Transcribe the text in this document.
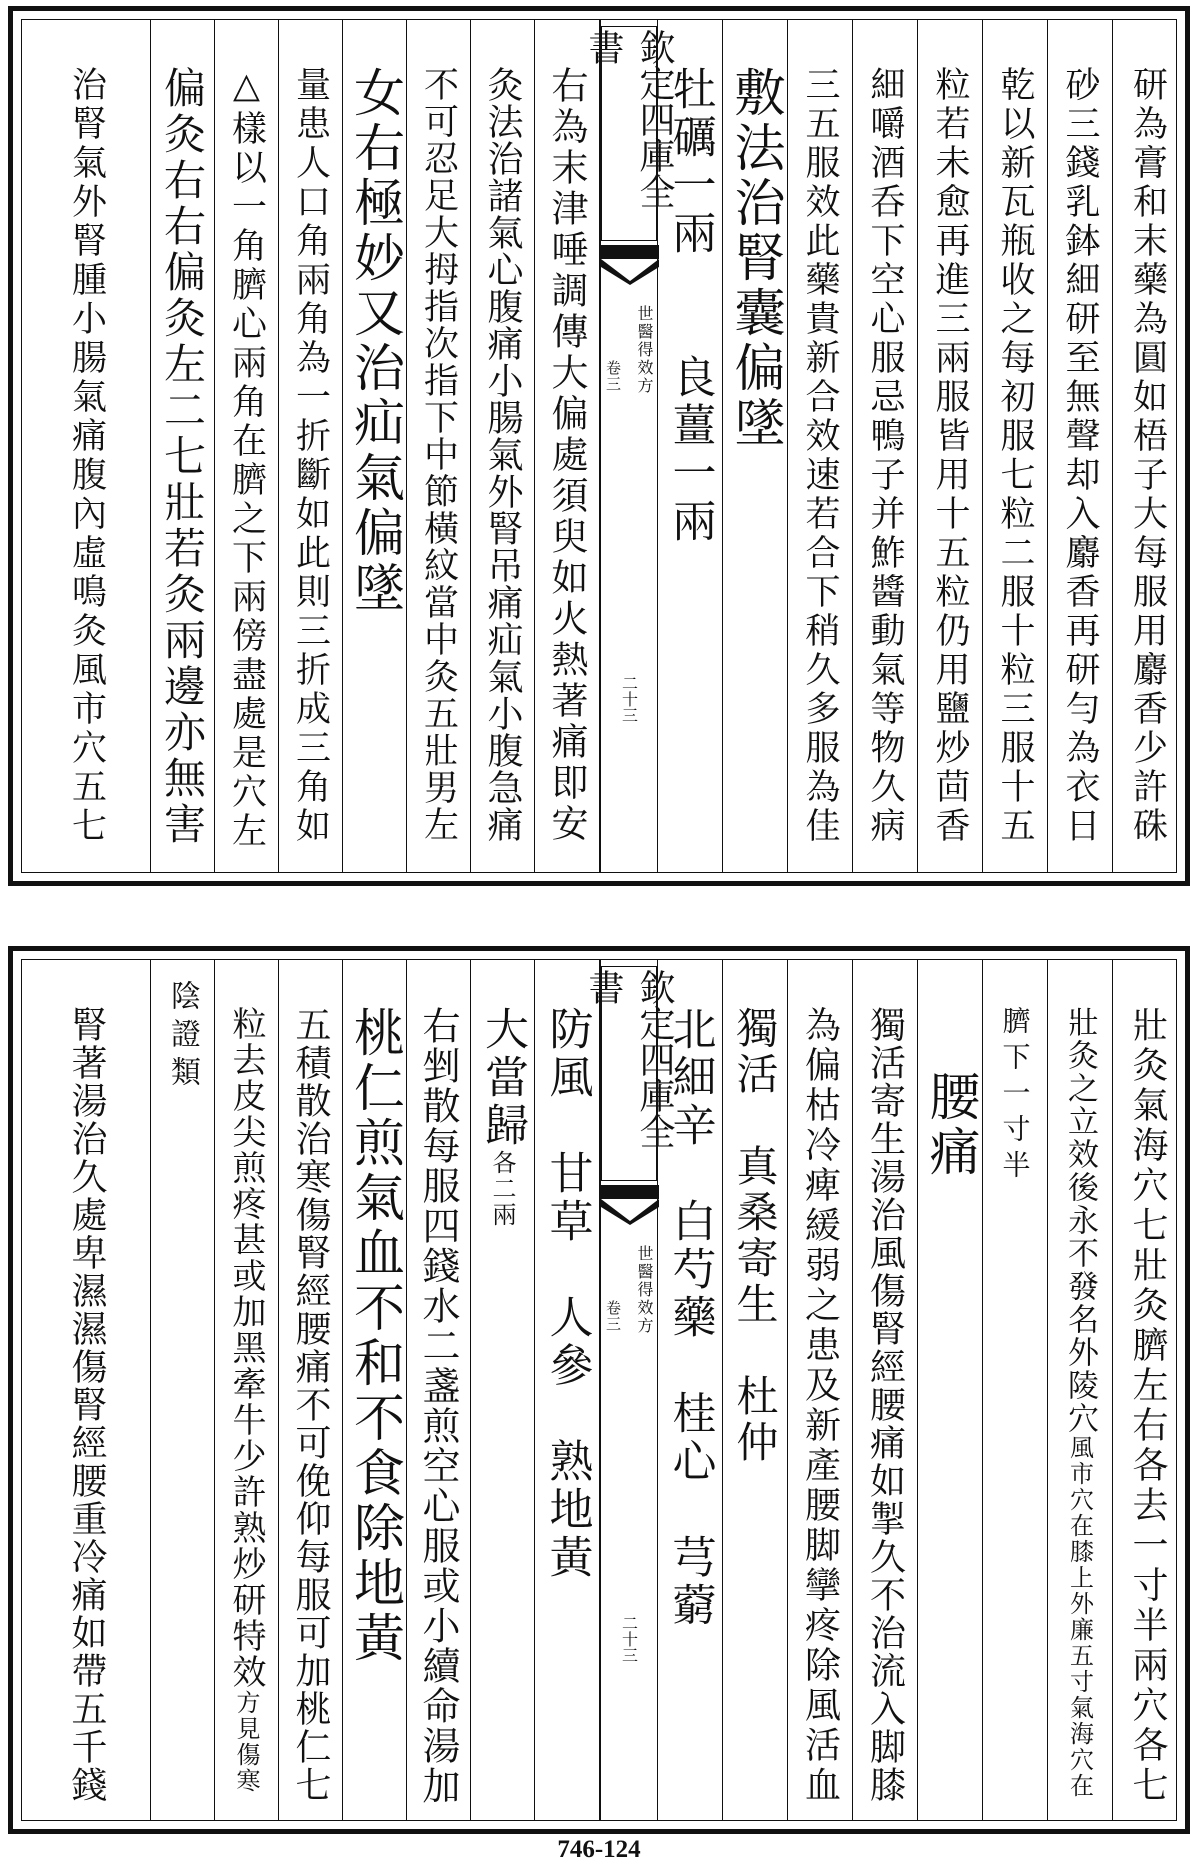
研為膏和末藥為圓如梧子大每服用麝香少許硃
砂三錢乳鉢細研至無聲却入麝香再研勻為衣日
乾以新瓦瓶收之每初服七粒二服十粒三服十五
粒若未愈再進三兩服皆用十五粒仍用鹽炒茴香
細嚼酒呑下空心服忌鴨子并鮓醬動氣等物久病
三五服效此藥貴新合效速若合下稍久多服為佳
敷法治腎囊偏墜
牡礪一兩　　良薑一兩
欽定四庫全書
世醫得效方
卷三
二十三
右為末津唾調傳大偏處須臾如火熱著痛即安
灸法治諸氣心腹痛小腸氣外腎吊痛疝氣小腹急痛
不可忍足大拇指次指下中節橫紋當中灸五壯男左
女右極妙又治疝氣偏墜
量患人口角兩角為一折斷如此則三折成三角如
△樣以一角臍心兩角在臍之下兩傍盡處是穴左
偏灸右右偏灸左二七壯若灸兩邊亦無害
治腎氣外腎腫小腸氣痛腹內虛鳴灸風市穴五七
壯灸氣海穴七壯灸臍左右各去一寸半兩穴各七
壯灸之立效後永不發名外陵穴
風市穴在膝上外廉五寸氣海穴在
臍下一寸半
腰痛
獨活寄生湯治風傷腎經腰痛如掣久不治流入脚膝
為偏枯冷痺緩弱之患及新產腰脚攣疼除風活血
獨活　真桑寄生　杜仲
北細辛　白芍藥　桂心　芎藭
欽定四庫全書
世醫得效方
卷三
二十三
防風　甘草　人參　熟地黃
大當歸
各二兩
右剉散每服四錢水二盞煎空心服或小續命湯加
桃仁煎氣血不和不食除地黃
五積散治寒傷腎經腰痛不可俛仰每服可加桃仁七
粒去皮尖煎疼甚或加黑牽牛少許熟炒研特效
方見傷寒
陰證類
腎著湯治久處卑濕濕傷腎經腰重冷痛如帶五千錢
746-124
